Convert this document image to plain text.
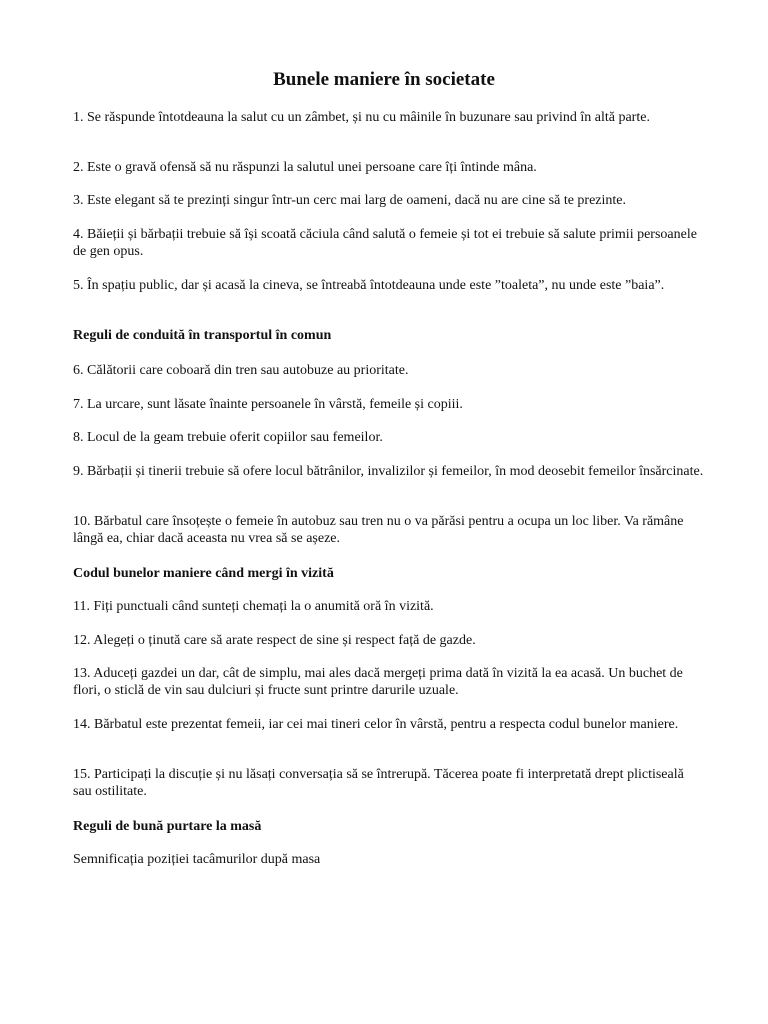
Bunele maniere în societate

1. Se răspunde întotdeauna la salut cu un zâmbet, și nu cu mâinile în buzunare sau privind în altă parte.

2. Este o gravă ofensă să nu răspunzi la salutul unei persoane care îți întinde mâna.

3. Este elegant să te prezinți singur într-un cerc mai larg de oameni, dacă nu are cine să te prezinte.

4. Băieții și bărbații trebuie să își scoată căciula când salută o femeie și tot ei trebuie să salute primii persoanele de gen opus.

5. În spațiu public, dar și acasă la cineva, se întreabă întotdeauna unde este ”toaleta”, nu unde este ”baia”.

Reguli de conduită în transportul în comun

6. Călătorii care coboară din tren sau autobuze au prioritate.

7. La urcare, sunt lăsate înainte persoanele în vârstă, femeile și copiii.

8. Locul de la geam trebuie oferit copiilor sau femeilor.

9. Bărbații și tinerii trebuie să ofere locul bătrânilor, invalizilor și femeilor, în mod deosebit femeilor însărcinate.

10. Bărbatul care însoțește o femeie în autobuz sau tren nu o va părăsi pentru a ocupa un loc liber. Va rămâne lângă ea, chiar dacă aceasta nu vrea să se așeze.

Codul bunelor maniere când mergi în vizită

11. Fiți punctuali când sunteți chemați la o anumită oră în vizită.

12. Alegeți o ținută care să arate respect de sine și respect față de gazde.

13. Aduceți gazdei un dar, cât de simplu, mai ales dacă mergeți prima dată în vizită la ea acasă. Un buchet de flori, o sticlă de vin sau dulciuri și fructe sunt printre darurile uzuale.

14. Bărbatul este prezentat femeii, iar cei mai tineri celor în vârstă, pentru a respecta codul bunelor maniere.

15. Participați la discuție și nu lăsați conversația să se întrerupă. Tăcerea poate fi interpretată drept plictiseală sau ostilitate.

Reguli de bună purtare la masă

Semnificația poziției tacâmurilor după masa
